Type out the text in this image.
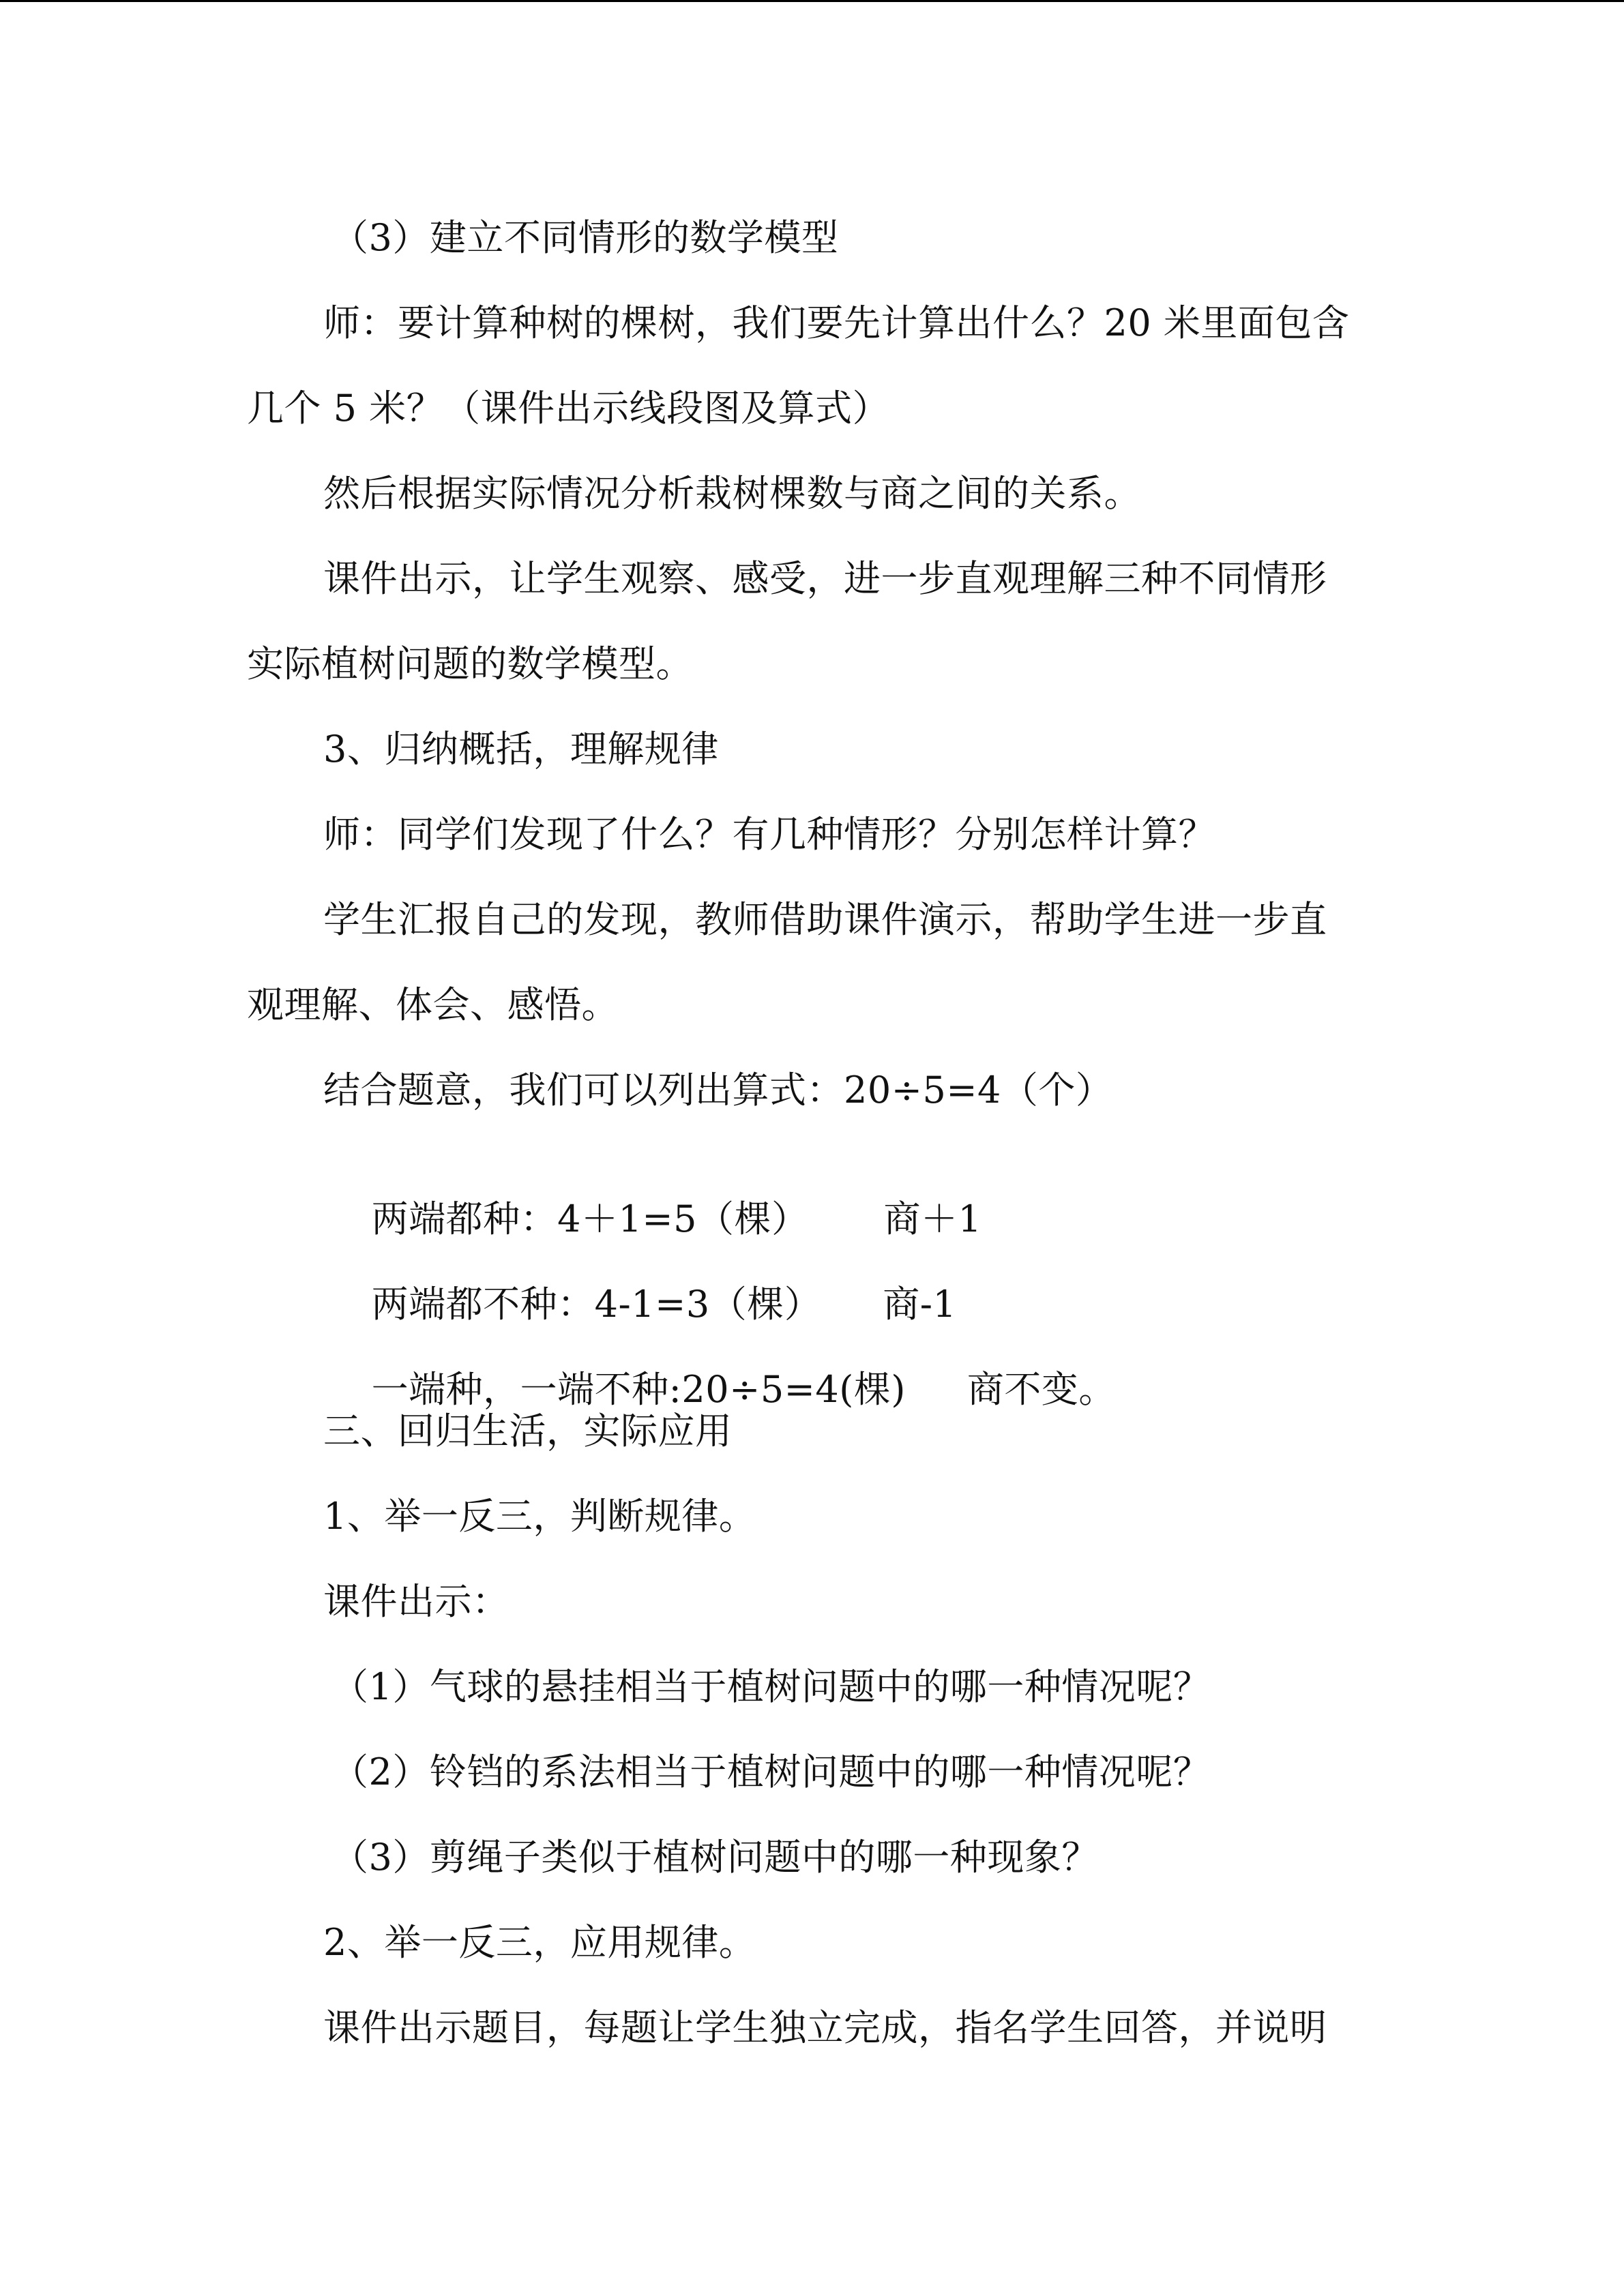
（3）建立不同情形的数学模型
师：要计算种树的棵树，我们要先计算出什么？20 米里面包含
几个 5 米？（课件出示线段图及算式）
然后根据实际情况分析栽树棵数与商之间的关系。
课件出示，让学生观察、感受，进一步直观理解三种不同情形
实际植树问题的数学模型。
3、归纳概括，理解规律
师：同学们发现了什么？有几种情形？分别怎样计算？
学生汇报自己的发现，教师借助课件演示，帮助学生进一步直
观理解、体会、感悟。
结合题意，我们可以列出算式：20÷5=4（个）

两端都种：4＋1=5（棵） 商＋1

两端都不种：4-1=3（棵） 商-1

一端种，一端不种:20÷5=4(棵) 商不变。

三、回归生活，实际应用
1、举一反三，判断规律。
课件出示：
（1）气球的悬挂相当于植树问题中的哪一种情况呢？
（2）铃铛的系法相当于植树问题中的哪一种情况呢？
（3）剪绳子类似于植树问题中的哪一种现象？
2、举一反三，应用规律。
课件出示题目，每题让学生独立完成，指名学生回答，并说明
